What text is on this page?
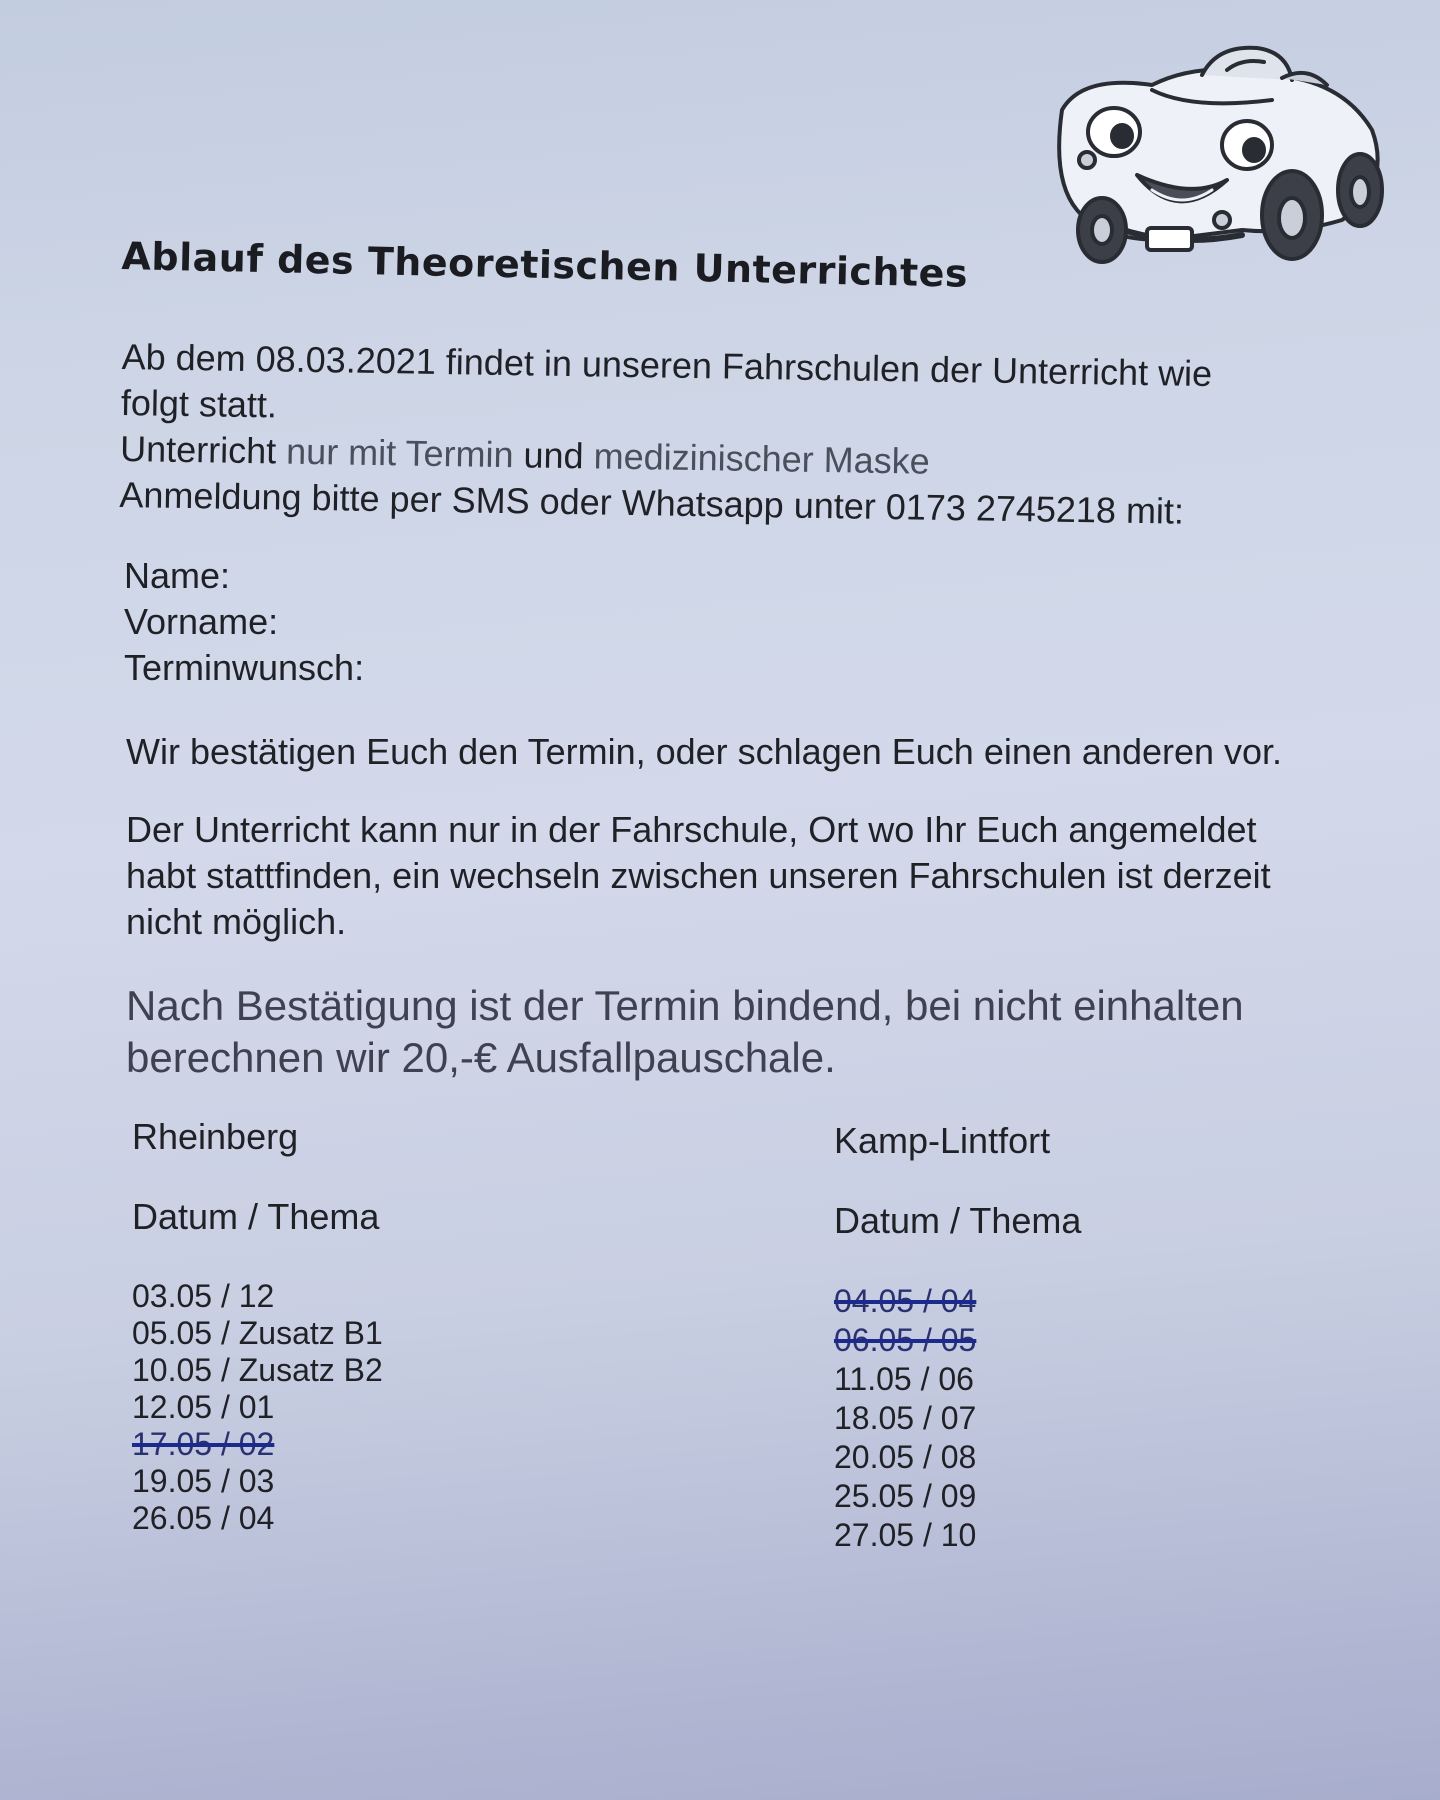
Ablauf des Theoretischen Unterrichtes
Ab dem 08.03.2021 findet in unseren Fahrschulen der Unterricht wie
folgt statt.
Unterricht nur mit Termin und medizinischer Maske
Anmeldung bitte per SMS oder Whatsapp unter 0173 2745218 mit:
Name:
Vorname:
Terminwunsch:
Wir bestätigen Euch den Termin, oder schlagen Euch einen anderen vor.
Der Unterricht kann nur in der Fahrschule, Ort wo Ihr Euch angemeldet
habt stattfinden, ein wechseln zwischen unseren Fahrschulen ist derzeit
nicht möglich.
Nach Bestätigung ist der Termin bindend, bei nicht einhalten
berechnen wir 20,-€ Ausfallpauschale.
Rheinberg
Datum / Thema
03.05 / 12
05.05 / Zusatz B1
10.05 / Zusatz B2
12.05 / 01
17.05 / 02
19.05 / 03
26.05 / 04
Kamp-Lintfort
Datum / Thema
04.05 / 04
06.05 / 05
11.05 / 06
18.05 / 07
20.05 / 08
25.05 / 09
27.05 / 10
